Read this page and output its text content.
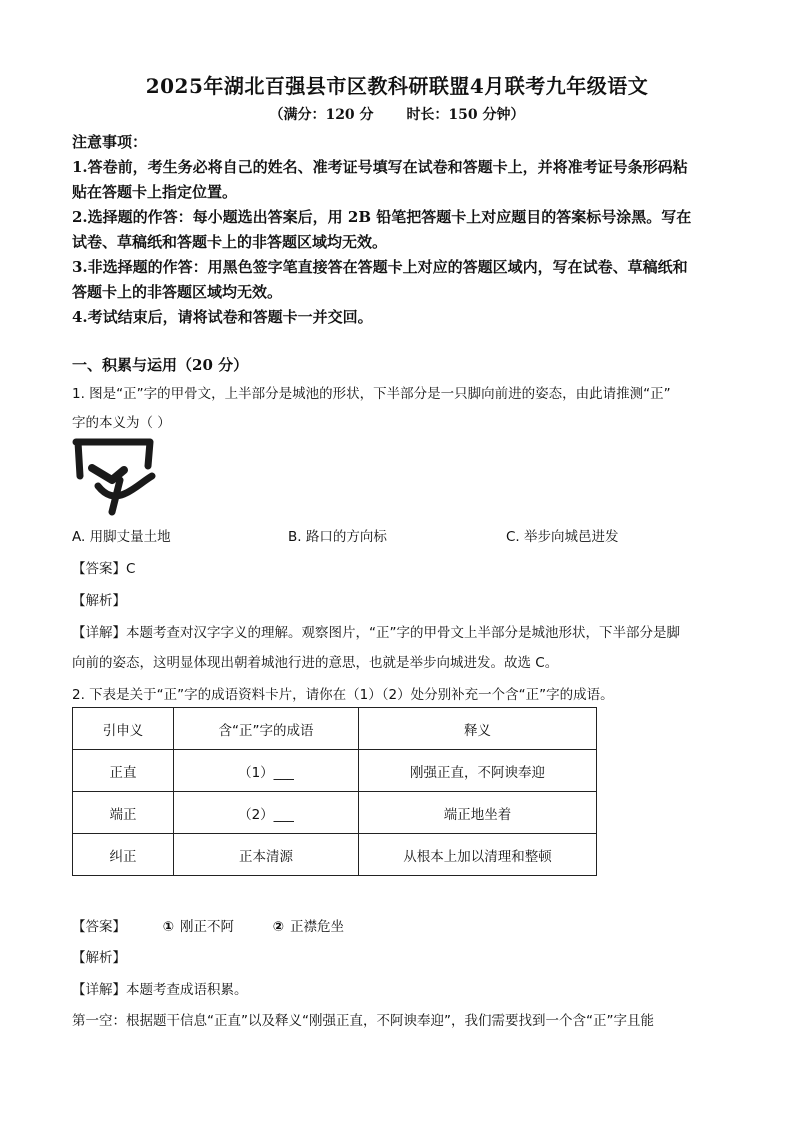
2025年湖北百强县市区教科研联盟4月联考九年级语文
（满分：120 分 时长：150 分钟）
注意事项：
1.答卷前，考生务必将自己的姓名、准考证号填写在试卷和答题卡上，并将准考证号条形码粘
贴在答题卡上指定位置。
2.选择题的作答：每小题选出答案后，用 2B 铅笔把答题卡上对应题目的答案标号涂黑。写在
试卷、草稿纸和答题卡上的非答题区域均无效。
3.非选择题的作答：用黑色签字笔直接答在答题卡上对应的答题区域内，写在试卷、草稿纸和
答题卡上的非答题区域均无效。
4.考试结束后，请将试卷和答题卡一并交回。
一、积累与运用（20 分）
1. 图是“正”字的甲骨文，上半部分是城池的形状，下半部分是一只脚向前进的姿态，由此请推测“正”
字的本义为（ ）
A. 用脚丈量土地	B. 路口的方向标	C. 举步向城邑进发
【答案】C
【解析】
【详解】本题考查对汉字字义的理解。观察图片，“正”字的甲骨文上半部分是城池形状，下半部分是脚
向前的姿态，这明显体现出朝着城池行进的意思，也就是举步向城进发。故选 C。
2. 下表是关于“正”字的成语资料卡片，请你在（1）（2）处分别补充一个含“正”字的成语。
引申义	含“正”字的成语	释义
正直	（1）___	刚强正直，不阿谀奉迎
端正	（2）___	端正地坐着
纠正	正本清源	从根本上加以清理和整顿
【答案】	① 刚正不阿	② 正襟危坐
【解析】
【详解】本题考查成语积累。
第一空：根据题干信息“正直”以及释义“刚强正直，不阿谀奉迎”，我们需要找到一个含“正”字且能
